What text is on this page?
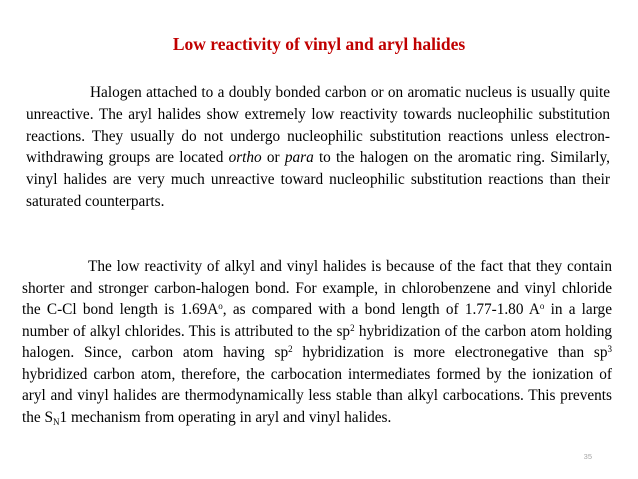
Low reactivity of vinyl and aryl halides

Halogen attached to a doubly bonded carbon or on aromatic nucleus is usually quite unreactive. The aryl halides show extremely low reactivity towards nucleophilic substitution reactions. They usually do not undergo nucleophilic substitution reactions unless electron-withdrawing groups are located ortho or para to the halogen on the aromatic ring. Similarly, vinyl halides are very much unreactive toward nucleophilic substitution reactions than their saturated counterparts.

The low reactivity of alkyl and vinyl halides is because of the fact that they contain shorter and stronger carbon-halogen bond. For example, in chlorobenzene and vinyl chloride the C-Cl bond length is $1.69A^o$, as compared with a bond length of 1.77-1.80 $A^o$ in a large number of alkyl chlorides. This is attributed to the $sp^2$ hybridization of the carbon atom holding halogen. Since, carbon atom having $sp^2$ hybridization is more electronegative than $sp^3$ hybridized carbon atom, therefore, the carbocation intermediates formed by the ionization of aryl and vinyl halides are thermodynamically less stable than alkyl carbocations. This prevents the $S_N1$ mechanism from operating in aryl and vinyl halides.

35
